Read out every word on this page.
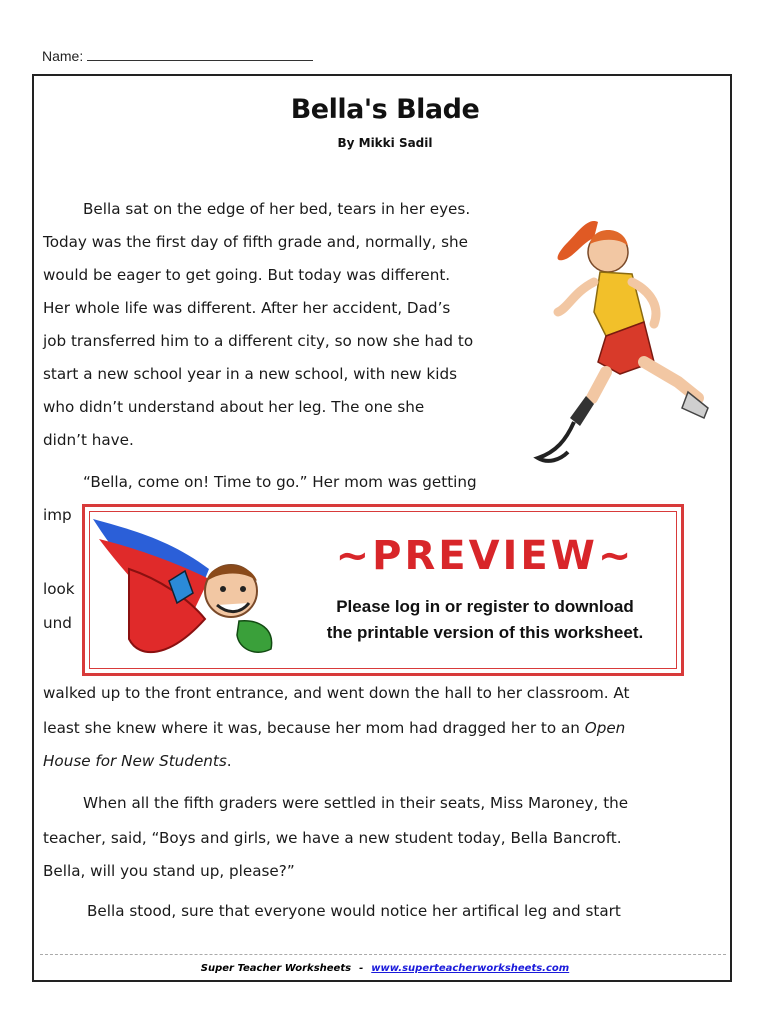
Name:
Bella's Blade
By Mikki Sadil
Bella sat on the edge of her bed, tears in her eyes.
Today was the first day of fifth grade and, normally, she
would be eager to get going. But today was different.
Her whole life was different. After her accident, Dad’s
job transferred him to a different city, so now she had to
start a new school year in a new school, with new kids
who didn’t understand about her leg. The one she
didn’t have.
“Bella, come on! Time to go.” Her mom was getting
imp
look
und
~PREVIEW~
Please log in or register to download
the printable version of this worksheet.
walked up to the front entrance, and went down the hall to her classroom. At
least she knew where it was, because her mom had dragged her to an Open
House for New Students.
When all the fifth graders were settled in their seats, Miss Maroney, the
teacher, said, “Boys and girls, we have a new student today, Bella Bancroft.
Bella, will you stand up, please?”
Bella stood, sure that everyone would notice her artifical leg and start
Super Teacher Worksheets - www.superteacherworksheets.com
